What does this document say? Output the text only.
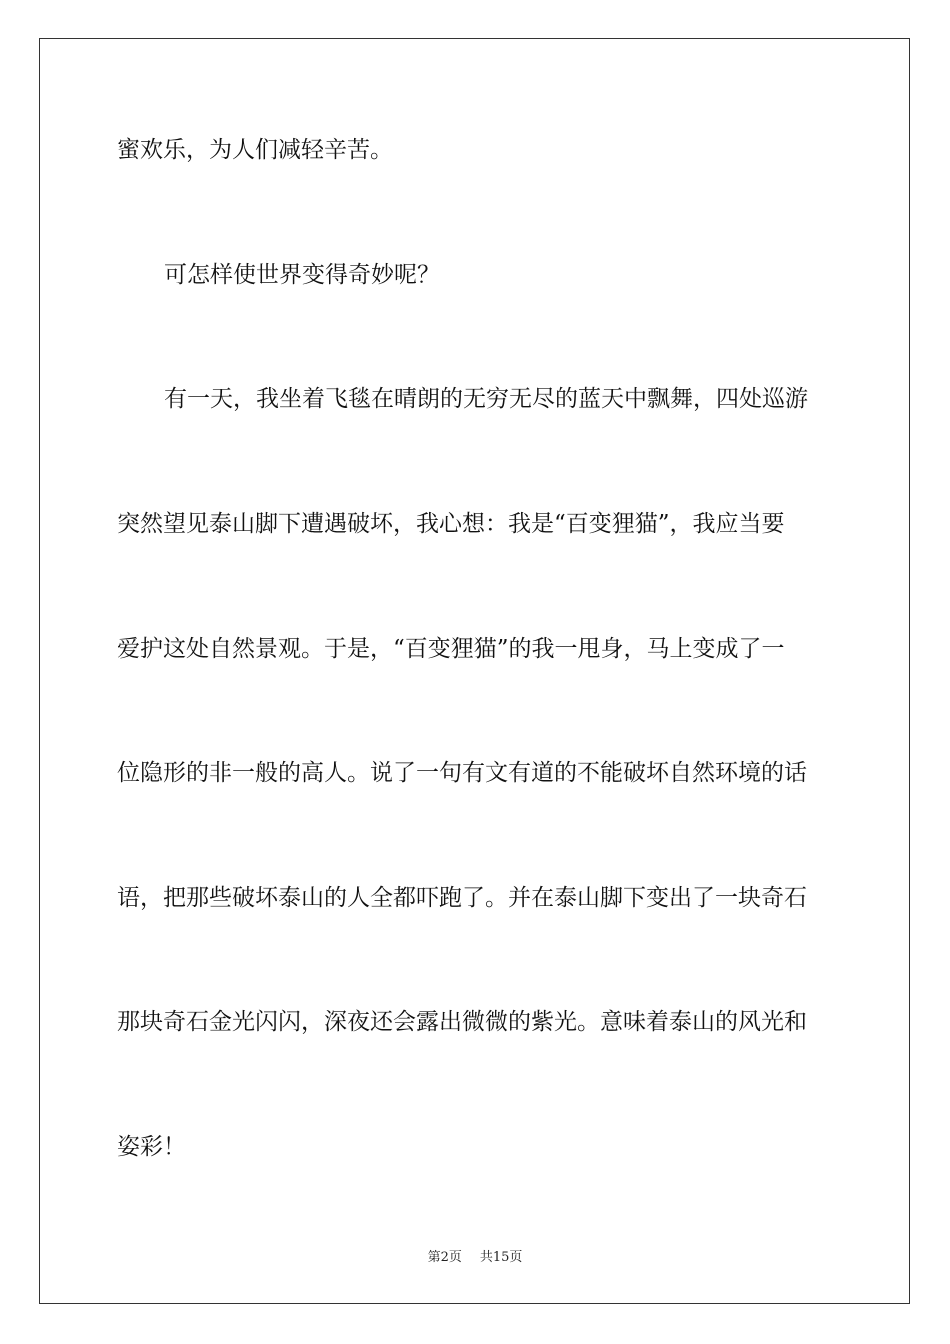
蜜欢乐，为人们减轻辛苦。
可怎样使世界变得奇妙呢？
有一天，我坐着飞毯在晴朗的无穷无尽的蓝天中飘舞，四处巡游
突然望见泰山脚下遭遇破坏，我心想：我是“百变狸猫”，我应当要
爱护这处自然景观。于是，“百变狸猫”的我一甩身，马上变成了一
位隐形的非一般的高人。说了一句有文有道的不能破坏自然环境的话
语，把那些破坏泰山的人全都吓跑了。并在泰山脚下变出了一块奇石
那块奇石金光闪闪，深夜还会露出微微的紫光。意味着泰山的风光和
姿彩！
第2页 共15页
